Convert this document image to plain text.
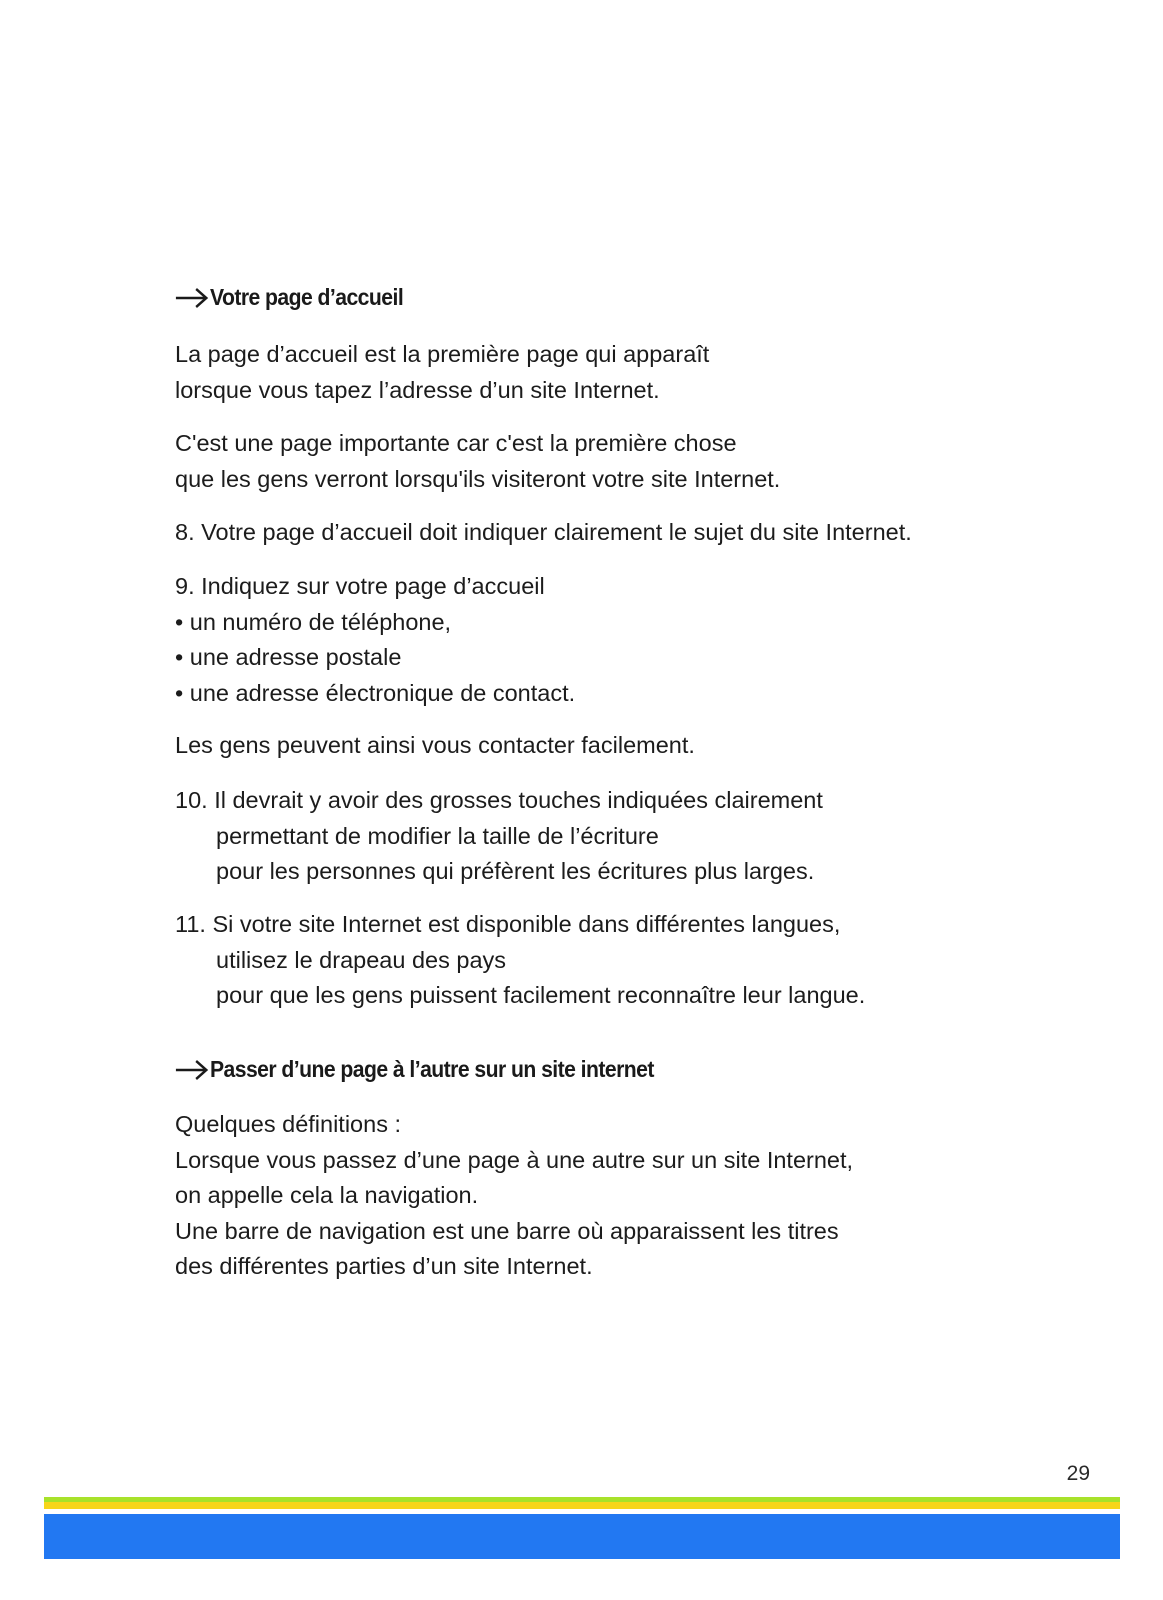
Votre page d’accueil
La page d’accueil est la première page qui apparaît
lorsque vous tapez l’adresse d’un site Internet.
C'est une page importante car c'est la première chose
que les gens verront lorsqu'ils visiteront votre site Internet.
8. Votre page d’accueil doit indiquer clairement le sujet du site Internet.
9. Indiquez sur votre page d’accueil
• un numéro de téléphone,
• une adresse postale
• une adresse électronique de contact.
Les gens peuvent ainsi vous contacter facilement.
10. Il devrait y avoir des grosses touches indiquées clairement
permettant de modifier la taille de l’écriture
pour les personnes qui préfèrent les écritures plus larges.
11. Si votre site Internet est disponible dans différentes langues,
utilisez le drapeau des pays
pour que les gens puissent facilement reconnaître leur langue.
Passer d’une page à l’autre sur un site internet
Quelques définitions :
Lorsque vous passez d’une page à une autre sur un site Internet,
on appelle cela la navigation.
Une barre de navigation est une barre où apparaissent les titres
des différentes parties d’un site Internet.
29
